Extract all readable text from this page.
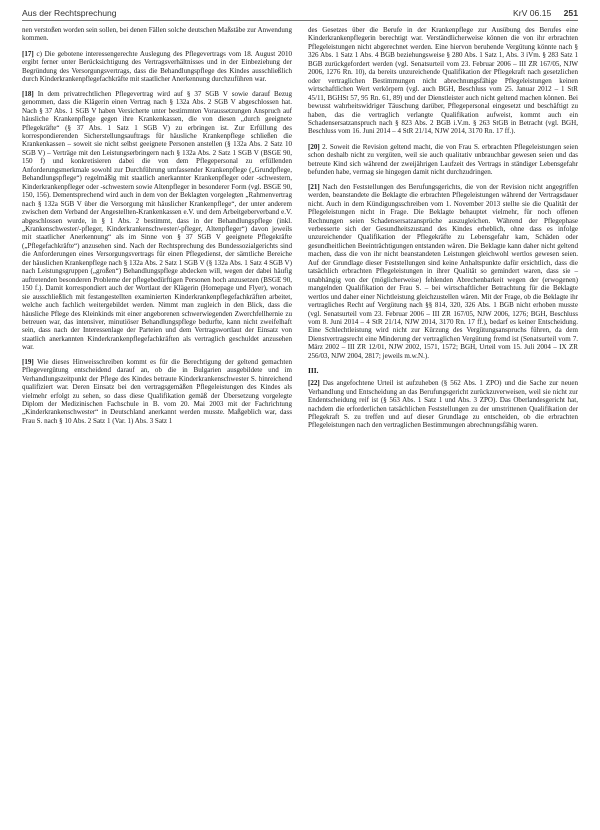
Aus der Rechtsprechung	KrV 06.15 251

nen verstoßen worden sein sollen, bei denen Fällen solche deutschen Maßstäbe zur Anwendung kommen.

[17] c) Die gebotene interessengerechte Auslegung des Pflegevertrags vom 18. August 2010 ergibt ferner unter Berücksichtigung des Vertragsverhältnisses und in der Einbeziehung der Begründung des Versorgungsvertrags, dass die Behandlungspflege des Kindes ausschließlich durch Kinderkrankenpflegefachkräfte mit staatlicher Anerkennung durchzuführen war.

[18] In dem privatrechtlichen Pflegevertrag wird auf § 37 SGB V sowie darauf Bezug genommen, dass die Klägerin einen Vertrag nach § 132a Abs. 2 SGB V abgeschlossen hat. Nach § 37 Abs. 1 SGB V haben Versicherte unter bestimmten Voraussetzungen Anspruch auf häusliche Krankenpflege gegen ihre Krankenkassen, die von diesen „durch geeignete Pflegekräfte“ (§ 37 Abs. 1 Satz 1 SGB V) zu erbringen ist. Zur Erfüllung des korrespondierenden Sicherstellungsauftrags für häusliche Krankenpflege schließen die Krankenkassen – soweit sie nicht selbst geeignete Personen anstellen (§ 132a Abs. 2 Satz 10 SGB V) – Verträge mit den Leistungserbringern nach § 132a Abs. 2 Satz 1 SGB V (BSGE 90, 150 f) und konkretisieren dabei die von dem Pflegepersonal zu erfüllenden Anforderungsmerkmale sowohl zur Durchführung umfassender Krankenpflege („Grundpflege, Behandlungspflege“) regelmäßig mit staatlich anerkannter Krankenpfleger oder -schwestern, Kinderkrankenpfleger oder -schwestern sowie Altenpfleger in besonderer Form (vgl. BSGE 90, 150, 156). Dementsprechend wird auch in dem von der Beklagten vorgelegten „Rahmenvertrag nach § 132a SGB V über die Versorgung mit häuslicher Krankenpflege“, der unter anderem zwischen dem Verband der Angestellten-Krankenkassen e.V. und dem Arbeitgeberverband e.V. abgeschlossen wurde, in § 1 Abs. 2 bestimmt, dass in der Behandlungspflege (inkl. „Krankenschwester/-pfleger, Kinderkrankenschwester/-pfleger, Altenpfleger“) davon jeweils mit staatlicher Anerkennung“ als im Sinne von § 37 SGB V geeignete Pflegekräfte („Pflegefachkräfte“) anzusehen sind. Nach der Rechtsprechung des Bundessozialgerichts sind die Anforderungen eines Versorgungsvertrags für einen Pflegedienst, der sämtliche Bereiche der häuslichen Krankenpflege nach § 132a Abs. 2 Satz 1 SGB V (§ 132a Abs. 1 Satz 4 SGB V) nach Leistungsgruppen („großen“) Behandlungspflege abdecken will, wegen der dabei häufig auftretenden besonderen Probleme der pflegebedürftigen Personen hoch anzusetzen (BSGE 90, 150 f.). Damit korrespondiert auch der Wortlaut der Klägerin (Homepage und Flyer), wonach sie ausschließlich mit festangestellten examinierten Kinderkrankenpflegefachkräften arbeitet, welche auch fachlich weitergebildet werden. Nimmt man zugleich in den Blick, dass die häusliche Pflege des Kleinkinds mit einer angeborenen schwerwiegenden Zwerchfellhernie zu betreuen war, das intensiver, minutiöser Behandlungspflege bedurfte, kann nicht zweifelhaft sein, dass nach der Interessenlage der Parteien und dem Vertragswortlaut der Einsatz von staatlich anerkannten Kinderkrankenpflegefachkräften als vertraglich geschuldet anzusehen war.

[19] Wie dieses Hinweisschreiben kommt es für die Berechtigung der geltend gemachten Pflegevergütung entscheidend darauf an, ob die in Bulgarien ausgebildete und im Verhandlungszeitpunkt der Pflege des Kindes betraute Kinderkrankenschwester S. hinreichend qualifiziert war. Deren Einsatz bei den vertragsgemäßen Pflegeleistungen des Kindes als vielmehr erfolgt zu sehen, so dass diese Qualifikation gemäß der Übersetzung vorgelegte Diplom der Medizinischen Fachschule in B. vom 20. Mai 2003 mit der Fachrichtung „Kinderkrankenschwester“ in Deutschland anerkannt werden musste. Maßgeblich war, dass Frau S. nach § 10 Abs. 2 Satz 1 (Var. 1) Abs. 3 Satz 1

des Gesetzes über die Berufe in der Krankenpflege zur Ausübung des Berufes eine Kinderkrankenpflegerin berechtigt war. Verständlicherweise können die von ihr erbrachten Pflegeleistungen nicht abgerechnet werden. Eine hiervon beruhende Vergütung könnte nach § 326 Abs. 1 Satz 1 Abs. 4 BGB beziehungsweise § 280 Abs. 1 Satz 1, Abs. 3 iVm. § 283 Satz 1 BGB zurückgefordert werden (vgl. Senatsurteil vom 23. Februar 2006 – III ZR 167/05, NJW 2006, 1276 Rn. 10), da bereits unzureichende Qualifikation der Pflegekraft nach gesetzlichen oder vertraglichen Bestimmungen nicht abrechnungsfähige Pflegeleistungen keinen wirtschaftlichen Wert verkörpern (vgl. auch BGH, Beschluss vom 25. Januar 2012 – 1 StR 45/11, BGHSt 57, 95 Rn. 61, 89) und der Dienstleister auch nicht geltend machen können. Bei bewusst wahrheitswidriger Täuschung darüber, Pflegepersonal eingesetzt und beschäftigt zu haben, das die vertraglich verlangte Qualifikation aufweist, kommt auch ein Schadensersatzanspruch nach § 823 Abs. 2 BGB i.V.m. § 263 StGB in Betracht (vgl. BGH, Beschluss vom 16. Juni 2014 – 4 StR 21/14, NJW 2014, 3170 Rn. 17 ff.).

[20] 2. Soweit die Revision geltend macht, die von Frau S. erbrachten Pflegeleistungen seien schon deshalb nicht zu vergüten, weil sie auch qualitativ unbrauchbar gewesen seien und das betreute Kind sich während der zweijährigen Laufzeit des Vertrags in ständiger Lebensgefahr befunden habe, vermag sie hingegen damit nicht durchzudringen.

[21] Nach den Feststellungen des Berufungsgerichts, die von der Revision nicht angegriffen werden, beanstandete die Beklagte die erbrachten Pflegeleistungen während der Vertragsdauer nicht. Auch in dem Kündigungsschreiben vom 1. November 2013 stellte sie die Qualität der Pflegeleistungen nicht in Frage. Die Beklagte behauptet vielmehr, für noch offenen Rechnungen seien Schadensersatzansprüche auszugleichen. Während der Pflegephase verbesserte sich der Gesundheitszustand des Kindes erheblich, ohne dass es infolge unzureichender Qualifikation der Pflegekräfte zu Lebensgefahr kam, Schäden oder gesundheitlichen Beeinträchtigungen entstanden wären. Die Beklagte kann daher nicht geltend machen, dass die von ihr nicht beanstandeten Leistungen gleichwohl wertlos gewesen seien. Auf der Grundlage dieser Feststellungen sind keine Anhaltspunkte dafür ersichtlich, dass die tatsächlich erbrachten Pflegeleistungen in ihrer Qualität so gemindert waren, dass sie – unabhängig von der (möglicherweise) fehlenden Abrechenbarkeit wegen der (erwogenen) mangelnden Qualifikation der Frau S. – bei wirtschaftlicher Betrachtung für die Beklagte wertlos und daher einer Nichtleistung gleichzustellen wären. Mit der Frage, ob die Beklagte ihr vertragliches Recht auf Vergütung nach §§ 814, 320, 326 Abs. 1 BGB nicht erhoben musste (vgl. Senatsurteil vom 23. Februar 2006 – III ZR 167/05, NJW 2006, 1276; BGH, Beschluss vom 8. Juni 2014 – 4 StR 21/14, NJW 2014, 3170 Rn. 17 ff.), bedarf es keiner Entscheidung. Eine Schlechtleistung wird nicht zur Kürzung des Vergütungsanspruchs führen, da dem Dienstvertragsrecht eine Minderung der vertraglichen Vergütung fremd ist (Senatsurteil vom 7. März 2002 – III ZR 12/01, NJW 2002, 1571, 1572; BGH, Urteil vom 15. Juli 2004 – IX ZR 256/03, NJW 2004, 2817; jeweils m.w.N.).

III.

[22] Das angefochtene Urteil ist aufzuheben (§ 562 Abs. 1 ZPO) und die Sache zur neuen Verhandlung und Entscheidung an das Berufungsgericht zurückzuverweisen, weil sie nicht zur Endentscheidung reif ist (§ 563 Abs. 1 Satz 1 und Abs. 3 ZPO). Das Oberlandesgericht hat, nachdem die erforderlichen tatsächlichen Feststellungen zu der umstrittenen Qualifikation der Pflegekraft S. zu treffen und auf dieser Grundlage zu entscheiden, ob die erbrachten Pflegeleistungen nach den vertraglichen Bestimmungen abrechnungsfähig waren.
